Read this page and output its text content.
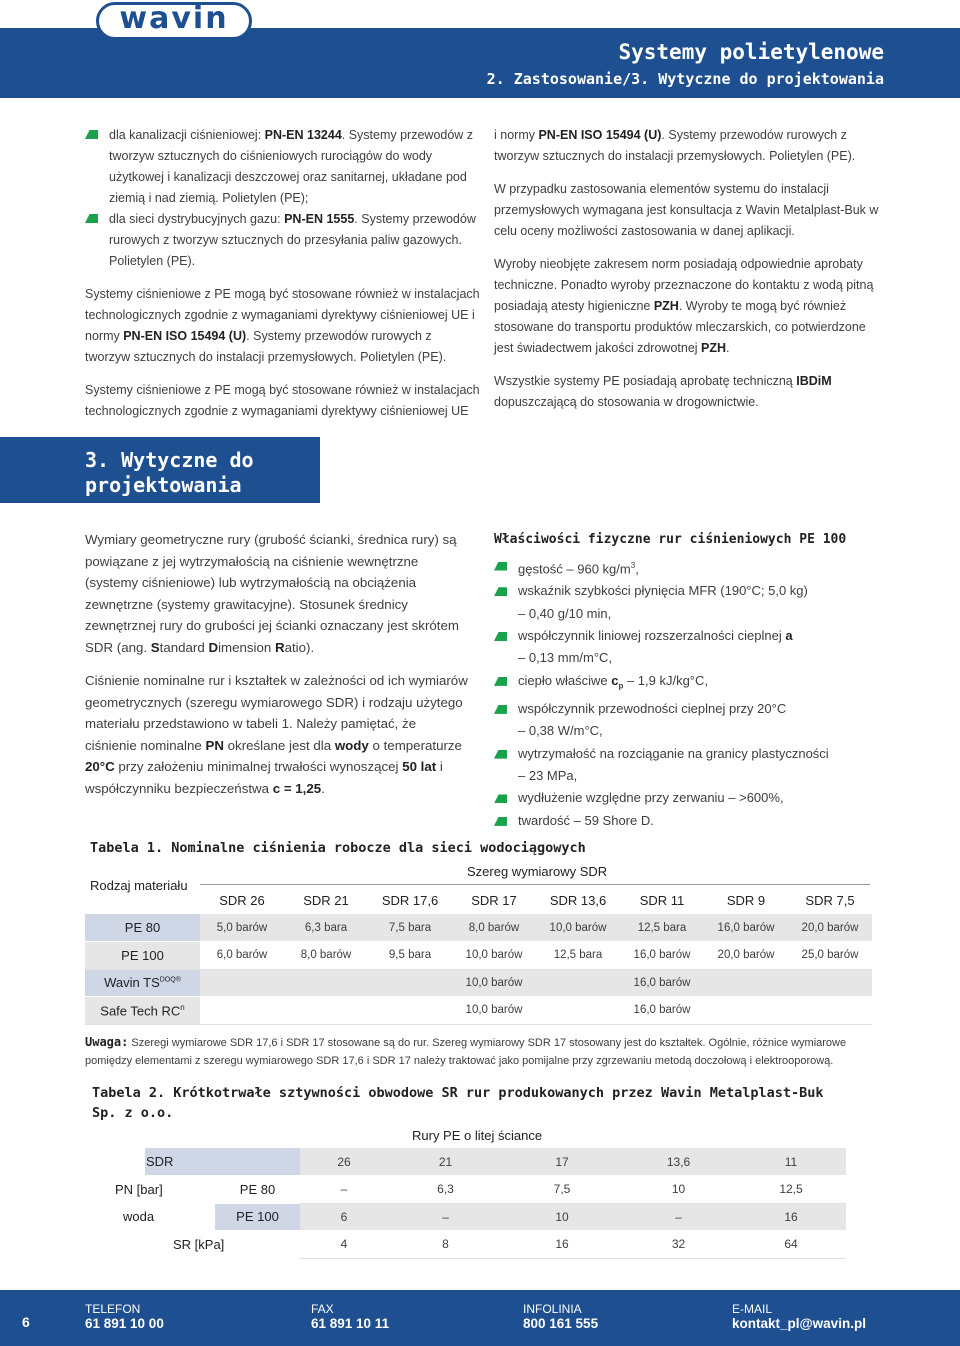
wavin
Systemy polietylenowe
2. Zastosowanie/3. Wytyczne do projektowania
dla kanalizacji ciśnieniowej: PN-EN 13244. Systemy przewodów z tworzyw sztucznych do ciśnieniowych rurociągów do wody użytkowej i kanalizacji deszczowej oraz sanitarnej, układane pod ziemią i nad ziemią. Polietylen (PE);
dla sieci dystrybucyjnych gazu: PN-EN 1555. Systemy przewodów rurowych z tworzyw sztucznych do przesyłania paliw gazowych. Polietylen (PE).
Systemy ciśnieniowe z PE mogą być stosowane również w instalacjach technologicznych zgodnie z wymaganiami dyrektywy ciśnieniowej UE i normy PN-EN ISO 15494 (U). Systemy przewodów rurowych z tworzyw sztucznych do instalacji przemysłowych. Polietylen (PE).
Systemy ciśnieniowe z PE mogą być stosowane również w instalacjach technologicznych zgodnie z wymaganiami dyrektywy ciśnieniowej UE
i normy PN-EN ISO 15494 (U). Systemy przewodów rurowych z tworzyw sztucznych do instalacji przemysłowych. Polietylen (PE).
W przypadku zastosowania elementów systemu do instalacji przemysłowych wymagana jest konsultacja z Wavin Metalplast-Buk w celu oceny możliwości zastosowania w danej aplikacji.
Wyroby nieobjęte zakresem norm posiadają odpowiednie aprobaty techniczne. Ponadto wyroby przeznaczone do kontaktu z wodą pitną posiadają atesty higieniczne PZH. Wyroby te mogą być również stosowane do transportu produktów mleczarskich, co potwierdzone jest świadectwem jakości zdrowotnej PZH.
Wszystkie systemy PE posiadają aprobatę techniczną IBDiM dopuszczającą do stosowania w drogownictwie.
3. Wytyczne do projektowania
Wymiary geometryczne rury (grubość ścianki, średnica rury) są powiązane z jej wytrzymałością na ciśnienie wewnętrzne (systemy ciśnieniowe) lub wytrzymałością na obciążenia zewnętrzne (systemy grawitacyjne). Stosunek średnicy zewnętrznej rury do grubości jej ścianki oznaczany jest skrótem SDR (ang. Standard Dimension Ratio).
Ciśnienie nominalne rur i kształtek w zależności od ich wymiarów geometrycznych (szeregu wymiarowego SDR) i rodzaju użytego materiału przedstawiono w tabeli 1. Należy pamiętać, że ciśnienie nominalne PN określane jest dla wody o temperaturze 20°C przy założeniu minimalnej trwałości wynoszącej 50 lat i współczynniku bezpieczeństwa c = 1,25.
Właściwości fizyczne rur ciśnieniowych PE 100
gęstość – 960 $kg/m^3$,
wskaźnik szybkości płynięcia MFR (190°C; 5,0 kg)
– 0,40 g/10 min,
współczynnik liniowej rozszerzalności cieplnej a
– 0,13 mm/m°C,
ciepło właściwe $c_p - 1,9$ kJ/kg°C,
współczynnik przewodności cieplnej przy 20°C
– 0,38 W/m°C,
wytrzymałość na rozciąganie na granicy plastyczności
– 23 MPa,
wydłużenie względne przy zerwaniu – >600%,
twardość – 59 Shore D.
Tabela 1. Nominalne ciśnienia robocze dla sieci wodociągowych
Szereg wymiarowy SDR
Rodzaj materiału
	SDR 26	SDR 21	SDR 17,6	SDR 17	SDR 13,6	SDR 11	SDR 9	SDR 7,5
PE 80	5,0 barów	6,3 bara	7,5 bara	8,0 barów	10,0 barów	12,5 bara	16,0 barów	20,0 barów
PE 100	6,0 barów	8,0 barów	9,5 bara	10,0 barów	12,5 bara	16,0 barów	20,0 barów	25,0 barów
Wavin $TS^{DOQ®}$				10,0 barów		16,0 barów		
Safe Tech $RC^n$				10,0 barów		16,0 barów		
Uwaga: Szeregi wymiarowe SDR 17,6 i SDR 17 stosowane są do rur. Szereg wymiarowy SDR 17 stosowany jest do kształtek. Ogólnie, różnice wymiarowe pomiędzy elementami z szeregu wymiarowego SDR 17,6 i SDR 17 należy traktować jako pomijalne przy zgrzewaniu metodą doczołową i elektrooporową.
Tabela 2. Krótkotrwałe sztywności obwodowe SR rur produkowanych przez Wavin Metalplast-Buk Sp. z o.o.
Rury PE o litej ściance
	SDR		26	21	17	13,6	11
PN [bar]		PE 80	–	6,3	7,5	10	12,5
woda		PE 100	6	–	10	–	16
SR [kPa]			4	8	16	32	64
6
TELEFON
61 891 10 00
FAX
61 891 10 11
INFOLINIA
800 161 555
E-MAIL
kontakt_pl@wavin.pl
